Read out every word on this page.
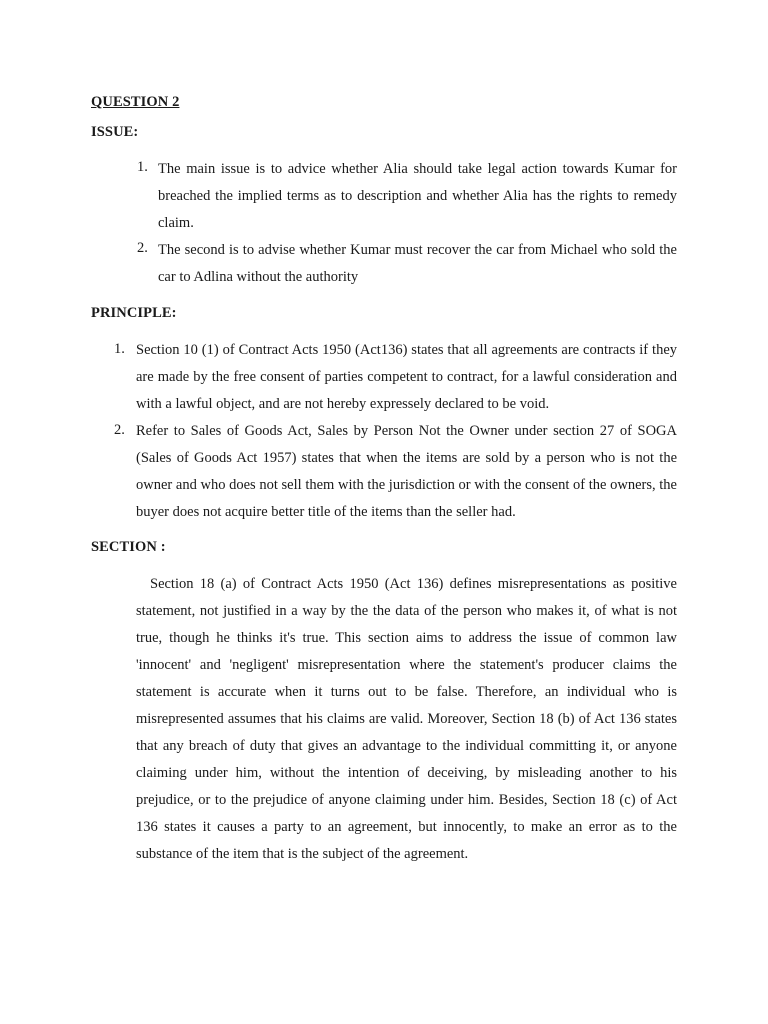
QUESTION 2
ISSUE:
1. The main issue is to advice whether Alia should take legal action towards Kumar for breached the implied terms as to description and whether Alia has the rights to remedy claim.
2. The second is to advise whether Kumar must recover the car from Michael who sold the car to Adlina without the authority
PRINCIPLE:
1. Section 10 (1) of Contract Acts 1950 (Act136) states that all agreements are contracts if they are made by the free consent of parties competent to contract, for a lawful consideration and with a lawful object, and are not hereby expressely declared to be void.
2. Refer to Sales of Goods Act, Sales by Person Not the Owner under section 27 of SOGA (Sales of Goods Act 1957) states that when the items are sold by a person who is not the owner and who does not sell them with the jurisdiction or with the consent of the owners, the buyer does not acquire better title of the items than the seller had.
SECTION :
Section 18 (a) of Contract Acts 1950 (Act 136) defines misrepresentations as positive statement, not justified in a way by the the data of the person who makes it, of what is not true, though he thinks it's true. This section aims to address the issue of common law 'innocent' and 'negligent' misrepresentation where the statement's producer claims the statement is accurate when it turns out to be false. Therefore, an individual who is misrepresented assumes that his claims are valid. Moreover, Section 18 (b) of Act 136 states that any breach of duty that gives an advantage to the individual committing it, or anyone claiming under him, without the intention of deceiving, by misleading another to his prejudice, or to the prejudice of anyone claiming under him. Besides, Section 18 (c) of Act 136 states it causes a party to an agreement, but innocently, to make an error as to the substance of the item that is the subject of the agreement.
